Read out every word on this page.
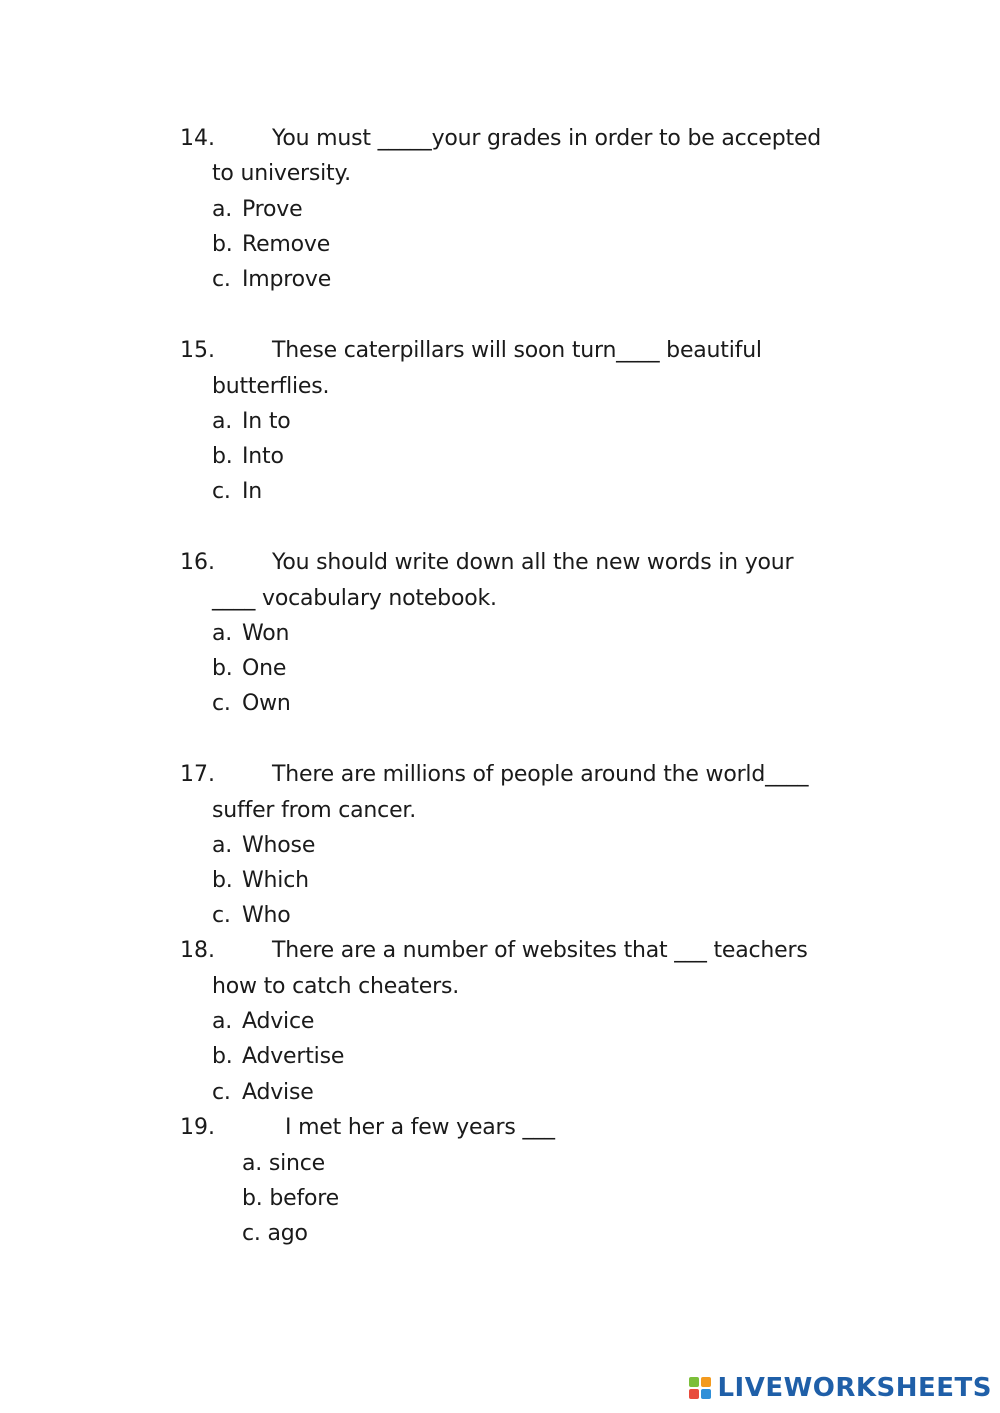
14.	You must _____your grades in order to be accepted
to university.
a. Prove
b. Remove
c. Improve
15.	These caterpillars will soon turn____ beautiful
butterflies.
a. In to
b. Into
c. In
16.	You should write down all the new words in your
____ vocabulary notebook.
a. Won
b. One
c. Own
17.	There are millions of people around the world____
suffer from cancer.
a. Whose
b. Which
c. Who
18.	There are a number of websites that ___ teachers
how to catch cheaters.
a. Advice
b. Advertise
c. Advise
19.	I met her a few years ___
a. since
b. before
c. ago
LIVEWORKSHEETS
